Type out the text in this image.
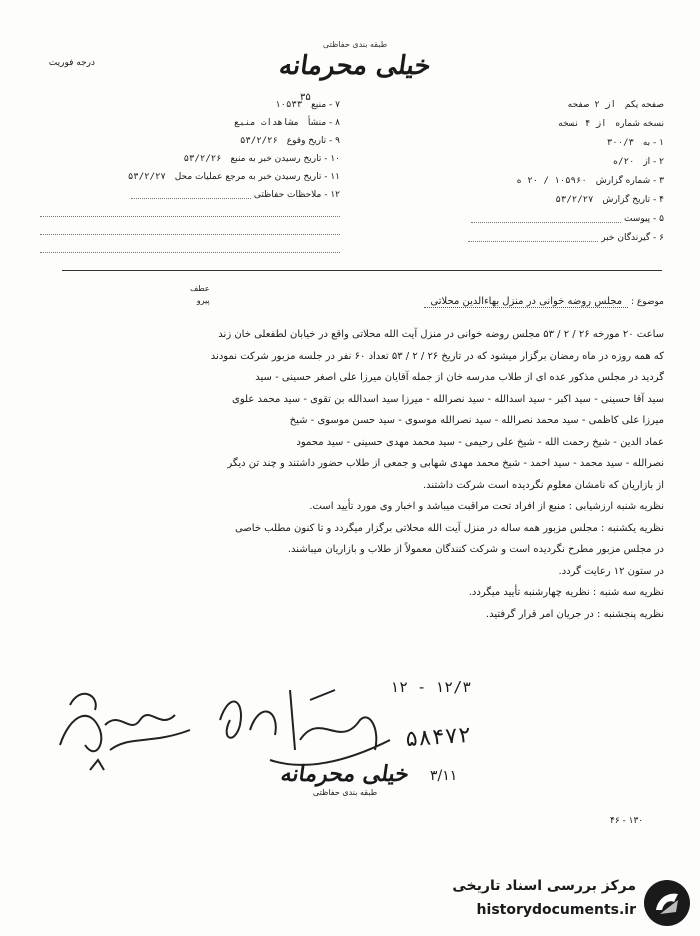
طبقه بندی حفاظتی
خیلی محرمانه
درجه فوریت
۳۵
صفحه یکم از ۲ صفحه
نسخه شماره از ۴ نسخه
۱ - به ۳۰۰/۳
۲ - از ۲۰/ه
۳ - شماره گزارش ۱۰۵۹۶۰ / ۲۰ ه
۴ - تاریخ گزارش ۵۳/۲/۲۷
۵ - پیوست
۶ - گیرندگان خبر
۷ - منبع ۱۰۵۳۳
۸ - منشأ مشاهدات منبع
۹ - تاریخ وقوع ۵۳/۲/۲۶
۱۰ - تاریخ رسیدن خبر به منبع ۵۳/۲/۲۶
۱۱ - تاریخ رسیدن خبر به مرجع عملیات محل ۵۳/۲/۲۷
۱۲ - ملاحظات حفاظتی
عطف
پیرو	موضوع : مجلس روضه خوانی در منزل بهاءالدین محلاتی

ساعت ۲۰ مورخه ۲۶ / ۲ / ۵۳ مجلس روضه خوانی در منزل آیت الله محلاتی واقع در خیابان لطفعلی خان زند

که همه روزه در ماه رمضان برگزار میشود که در تاریخ ۲۶ / ۲ / ۵۳ تعداد ۶۰ نفر در جلسه مزبور شرکت نمودند

گردید در مجلس مذکور عده ای از طلاب مدرسه خان از جمله آقایان میرزا علی اصغر حسینی - سید

سید آقا حسینی - سید اکبر - سید اسدالله - سید نصرالله - میرزا سید اسدالله بن تقوی - سید محمد علوی

میرزا علی کاظمی - سید محمد نصرالله - سید نصرالله موسوی - سید حسن موسوی - شیخ

عماد الدین - شیخ رحمت الله - شیخ علی رحیمی - سید محمد مهدی حسینی - سید محمود

نصرالله - سید محمد - سید احمد - شیخ محمد مهدی شهابی و جمعی از طلاب حضور داشتند و چند تن دیگر

از بازاریان که نامشان معلوم نگردیده است شرکت داشتند.

نظریه شنبه ارزشیابی : منبع از افراد تحت مراقبت میباشد و اخبار وی مورد تأیید است.

نظریه یکشنبه : مجلس مزبور همه ساله در منزل آیت الله محلاتی برگزار میگردد و تا کنون مطلب خاصی

در مجلس مزبور مطرح نگردیده است و شرکت کنندگان معمولاً از طلاب و بازاریان میباشند.

در ستون ۱۲ رعایت گردد.

نظریه سه شنبه : نظریه چهارشنبه تأیید میگردد.

نظریه پنجشنبه : در جریان امر قرار گرفتید.

۱۲ - ۱۲/۳
۵۸۴۷۲
۳/۱۱
خیلی محرمانه
طبقه بندی حفاظتی
۴۶ - ۱۳۰
مرکز بررسی اسناد تاریخی
historydocuments.ir
